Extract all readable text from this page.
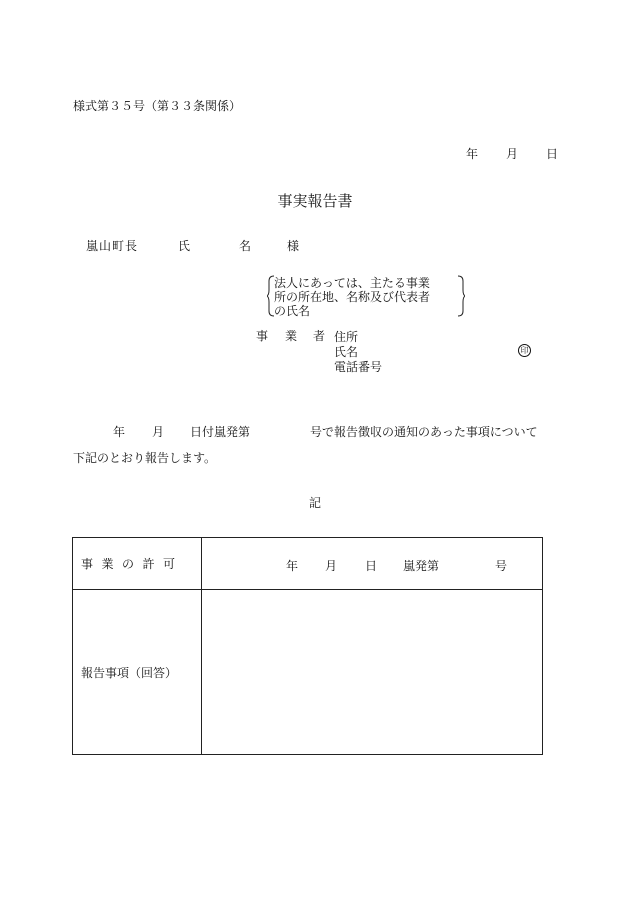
様式第３５号（第３３条関係）
年 月 日
事実報告書
嵐山町長	氏	名	様
法人にあっては、主たる事業
所の所在地、名称及び代表者
の氏名
事 業 者 住所
氏名
電話番号
印
年 月 日付嵐発第	号で報告徴収の通知のあった事項について
下記のとおり報告します。
記
事業の許可	年 月 日 嵐発第 号

報告事項（回答）	
